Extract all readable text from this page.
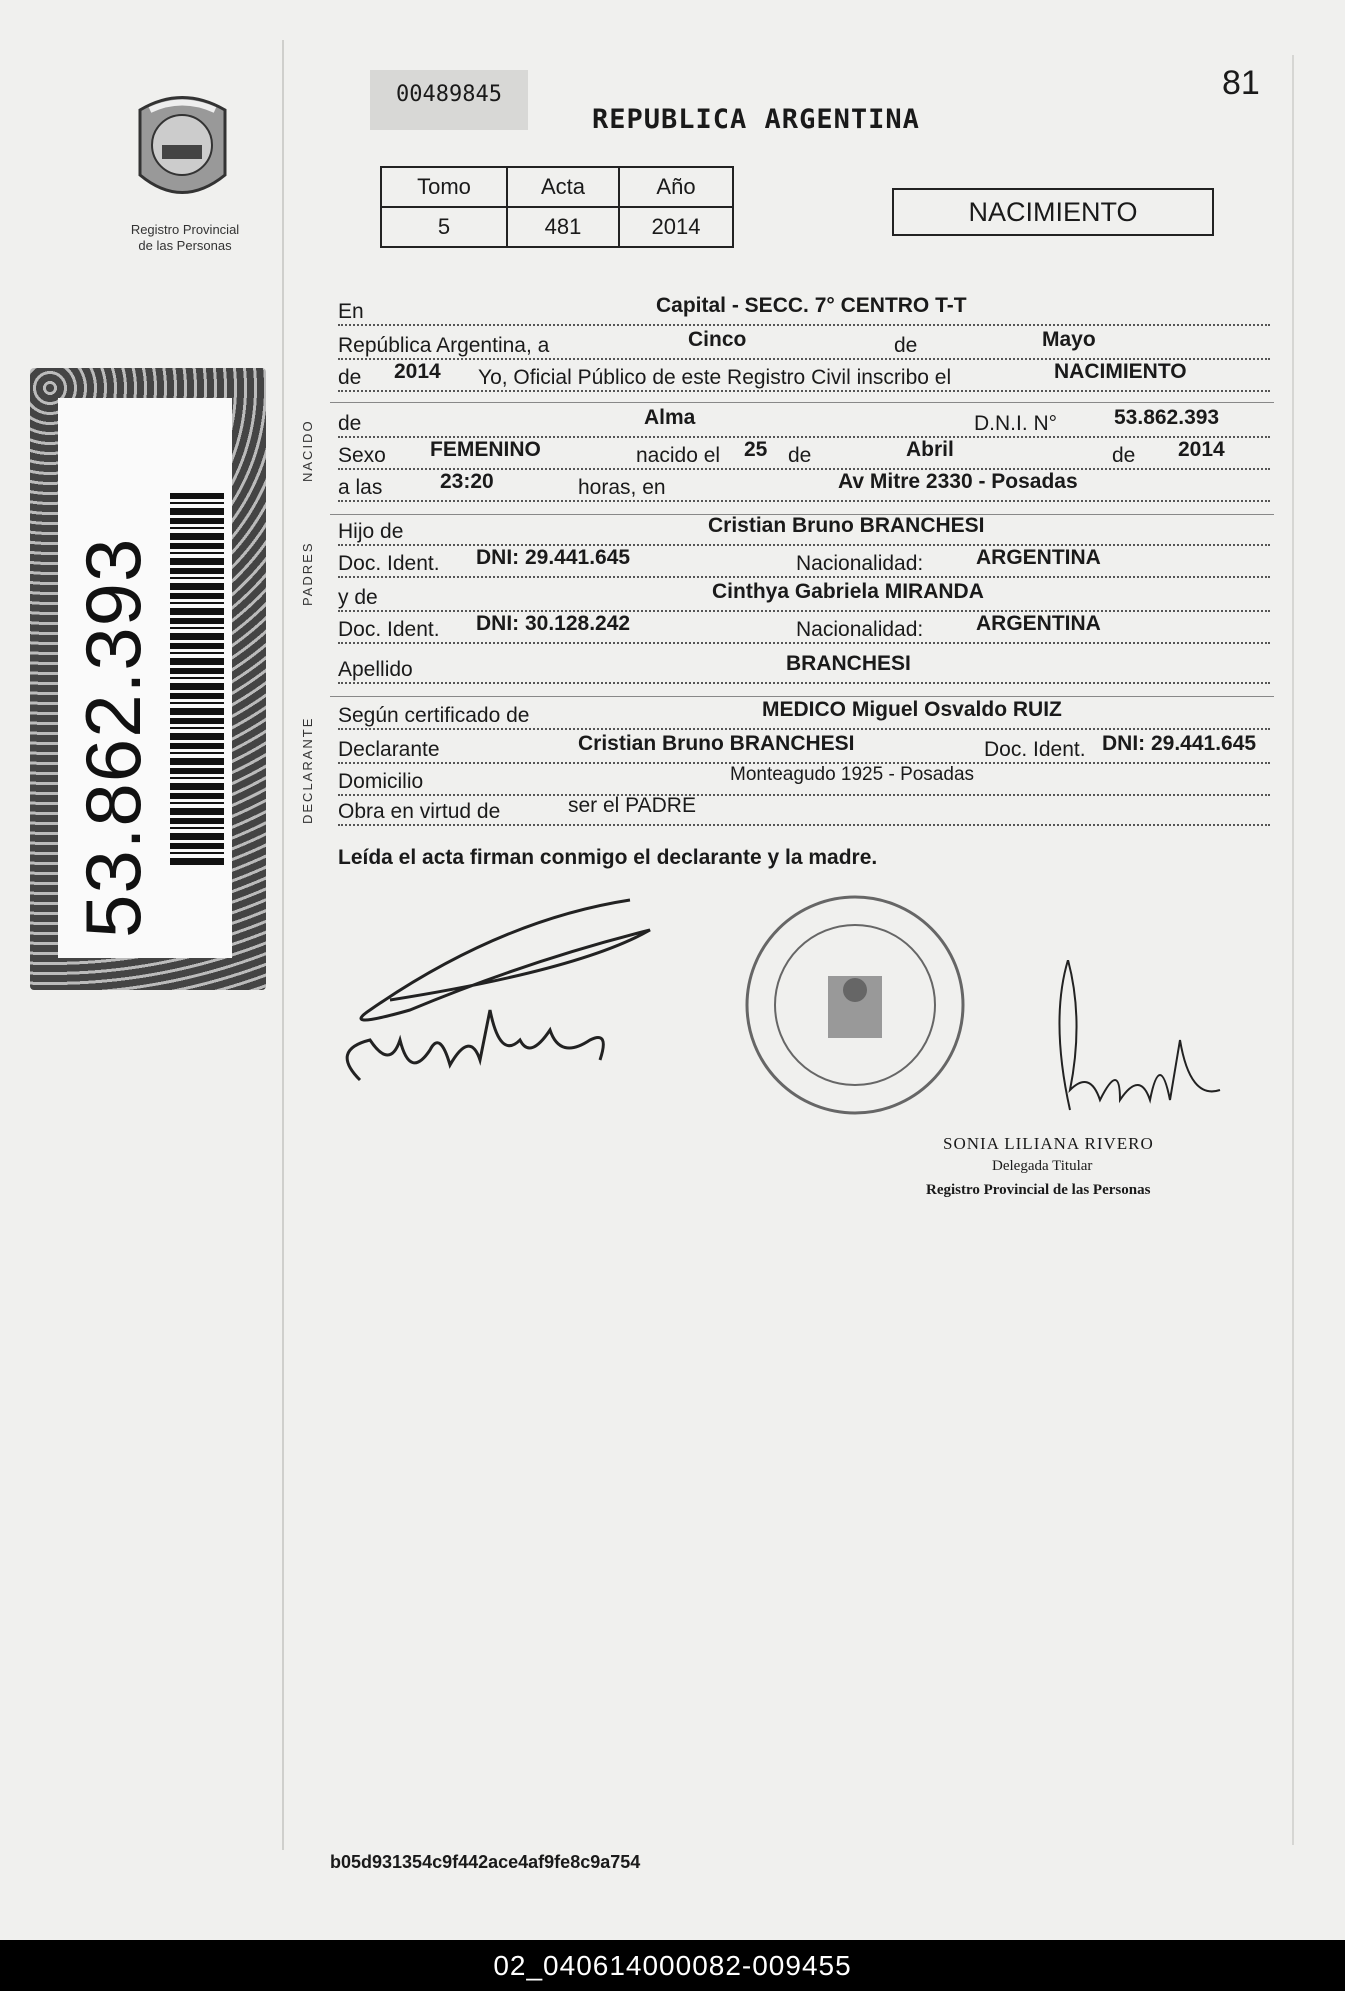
Registro Provincial
de las Personas
53.862.393
00489845
REPUBLICA ARGENTINA
81
Tomo	Acta	Año
5	481	2014	NACIMIENTO
En	Capital - SECC. 7° CENTRO T-T
República Argentina, a	Cinco	de	Mayo
de 2014 Yo, Oficial Público de este Registro Civil inscribo el	NACIMIENTO
de	Alma	D.N.I. N°	53.862.393
Sexo FEMENINO	nacido el 25 de	Abril	de 2014
a las	23:20	horas, en	Av Mitre 2330 - Posadas
Hijo de	Cristian Bruno BRANCHESI
Doc. Ident. DNI: 29.441.645	Nacionalidad:	ARGENTINA
y de	Cinthya Gabriela MIRANDA
Doc. Ident. DNI: 30.128.242	Nacionalidad:	ARGENTINA
Apellido	BRANCHESI
Según certificado de	MEDICO Miguel Osvaldo RUIZ
Declarante	Cristian Bruno BRANCHESI	Doc. Ident. DNI: 29.441.645
Domicilio	Monteagudo 1925 - Posadas
Obra en virtud de	ser el PADRE
NACIDO
PADRES
DECLARANTE
Leída el acta firman conmigo el declarante y la madre.
SONIA LILIANA RIVERO
Delegada Titular
Registro Provincial de las Personas
b05d931354c9f442ace4af9fe8c9a754
02_040614000082-009455
